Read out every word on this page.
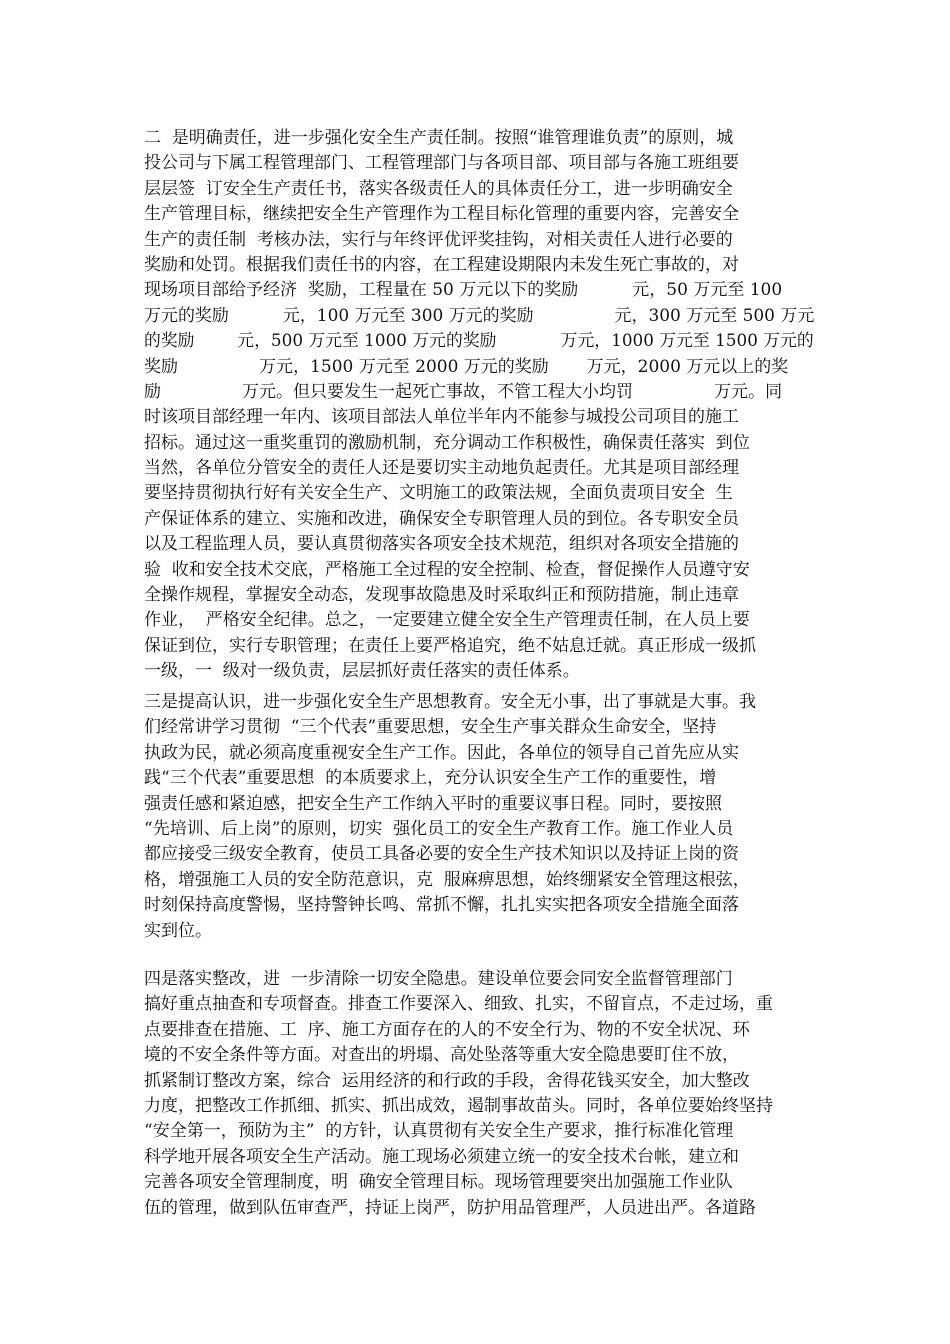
二  是明确责任，进一步强化安全生产责任制。按照“谁管理谁负责”的原则，城
投公司与下属工程管理部门、工程管理部门与各项目部、项目部与各施工班组要
层层签  订安全生产责任书，落实各级责任人的具体责任分工，进一步明确安全
生产管理目标，继续把安全生产管理作为工程目标化管理的重要内容，完善安全
生产的责任制  考核办法，实行与年终评优评奖挂钩，对相关责任人进行必要的
奖励和处罚。根据我们责任书的内容，在工程建设期限内未发生死亡事故的，对
现场项目部给予经济  奖励，工程量在 50 万元以下的奖励          元，50 万元至 100
万元的奖励          元，100 万元至 300 万元的奖励               元，300 万元至 500 万元
的奖励        元，500 万元至 1000 万元的奖励            万元，1000 万元至 1500 万元的
奖励               万元，1500 万元至 2000 万元的奖励       万元，2000 万元以上的奖
励               万元。但只要发生一起死亡事故，不管工程大小均罚               万元。同
时该项目部经理一年内、该项目部法人单位半年内不能参与城投公司项目的施工
招标。通过这一重奖重罚的激励机制，充分调动工作积极性，确保责任落实  到位
当然，各单位分管安全的责任人还是要切实主动地负起责任。尤其是项目部经理
要坚持贯彻执行好有关安全生产、文明施工的政策法规，全面负责项目安全  生
产保证体系的建立、实施和改进，确保安全专职管理人员的到位。各专职安全员
以及工程监理人员，要认真贯彻落实各项安全技术规范，组织对各项安全措施的
验  收和安全技术交底，严格施工全过程的安全控制、检查，督促操作人员遵守安
全操作规程，掌握安全动态，发现事故隐患及时采取纠正和预防措施，制止违章
作业，  严格安全纪律。总之，一定要建立健全安全生产管理责任制，在人员上要
保证到位，实行专职管理；在责任上要严格追究，绝不姑息迁就。真正形成一级抓
一级，一  级对一级负责，层层抓好责任落实的责任体系。
三是提高认识，进一步强化安全生产思想教育。安全无小事，出了事就是大事。我
们经常讲学习贯彻  “三个代表”重要思想，安全生产事关群众生命安全，坚持
执政为民，就必须高度重视安全生产工作。因此，各单位的领导自己首先应从实
践“三个代表”重要思想  的本质要求上，充分认识安全生产工作的重要性，增
强责任感和紧迫感，把安全生产工作纳入平时的重要议事日程。同时，要按照
“先培训、后上岗”的原则，切实  强化员工的安全生产教育工作。施工作业人员
都应接受三级安全教育，使员工具备必要的安全生产技术知识以及持证上岗的资
格，增强施工人员的安全防范意识，克  服麻痹思想，始终绷紧安全管理这根弦，
时刻保持高度警惕，坚持警钟长鸣、常抓不懈，扎扎实实把各项安全措施全面落
实到位。
四是落实整改，进  一步清除一切安全隐患。建设单位要会同安全监督管理部门
搞好重点抽查和专项督查。排查工作要深入、细致、扎实，不留盲点，不走过场，重
点要排查在措施、工  序、施工方面存在的人的不安全行为、物的不安全状况、环
境的不安全条件等方面。对查出的坍塌、高处坠落等重大安全隐患要盯住不放，
抓紧制订整改方案，综合  运用经济的和行政的手段，舍得花钱买安全，加大整改
力度，把整改工作抓细、抓实、抓出成效，遏制事故苗头。同时，各单位要始终坚持
“安全第一，预防为主”  的方针，认真贯彻有关安全生产要求，推行标准化管理
科学地开展各项安全生产活动。施工现场必须建立统一的安全技术台帐，建立和
完善各项安全管理制度，明  确安全管理目标。现场管理要突出加强施工作业队
伍的管理，做到队伍审查严，持证上岗严，防护用品管理严，人员进出严。各道路
